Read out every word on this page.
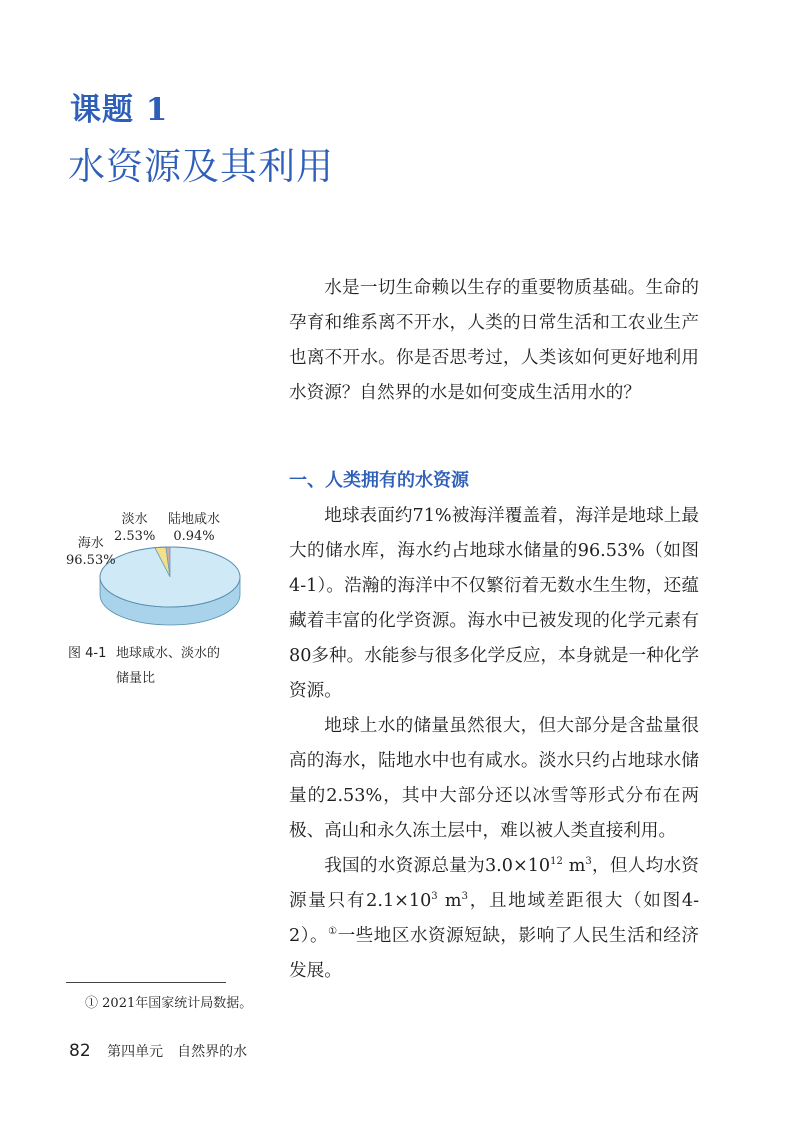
课题 1
水资源及其利用

水是一切生命赖以生存的重要物质基础。生命的孕育和维系离不开水，人类的日常生活和工农业生产也离不开水。你是否思考过，人类该如何更好地利用水资源？自然界的水是如何变成生活用水的？

一、人类拥有的水资源

地球表面约71%被海洋覆盖着，海洋是地球上最大的储水库，海水约占地球水储量的96.53%（如图4-1）。浩瀚的海洋中不仅繁衍着无数水生生物，还蕴藏着丰富的化学资源。海水中已被发现的化学元素有80多种。水能参与很多化学反应，本身就是一种化学资源。

地球上水的储量虽然很大，但大部分是含盐量很高的海水，陆地水中也有咸水。淡水只约占地球水储量的2.53%，其中大部分还以冰雪等形式分布在两极、高山和永久冻土层中，难以被人类直接利用。

我国的水资源总量为$3.0\times 10^{12}$ $m^3$，但人均水资源量只有$2.1\times 10^3$ $m^3$，且地域差距很大（如图4-2）。①一些地区水资源短缺，影响了人民生活和经济发展。

海水
96.53%
淡水
2.53%
陆地咸水
0.94%
图 4-1 地球咸水、淡水的
储量比
① 2021年国家统计局数据。
82 第四单元　自然界的水
